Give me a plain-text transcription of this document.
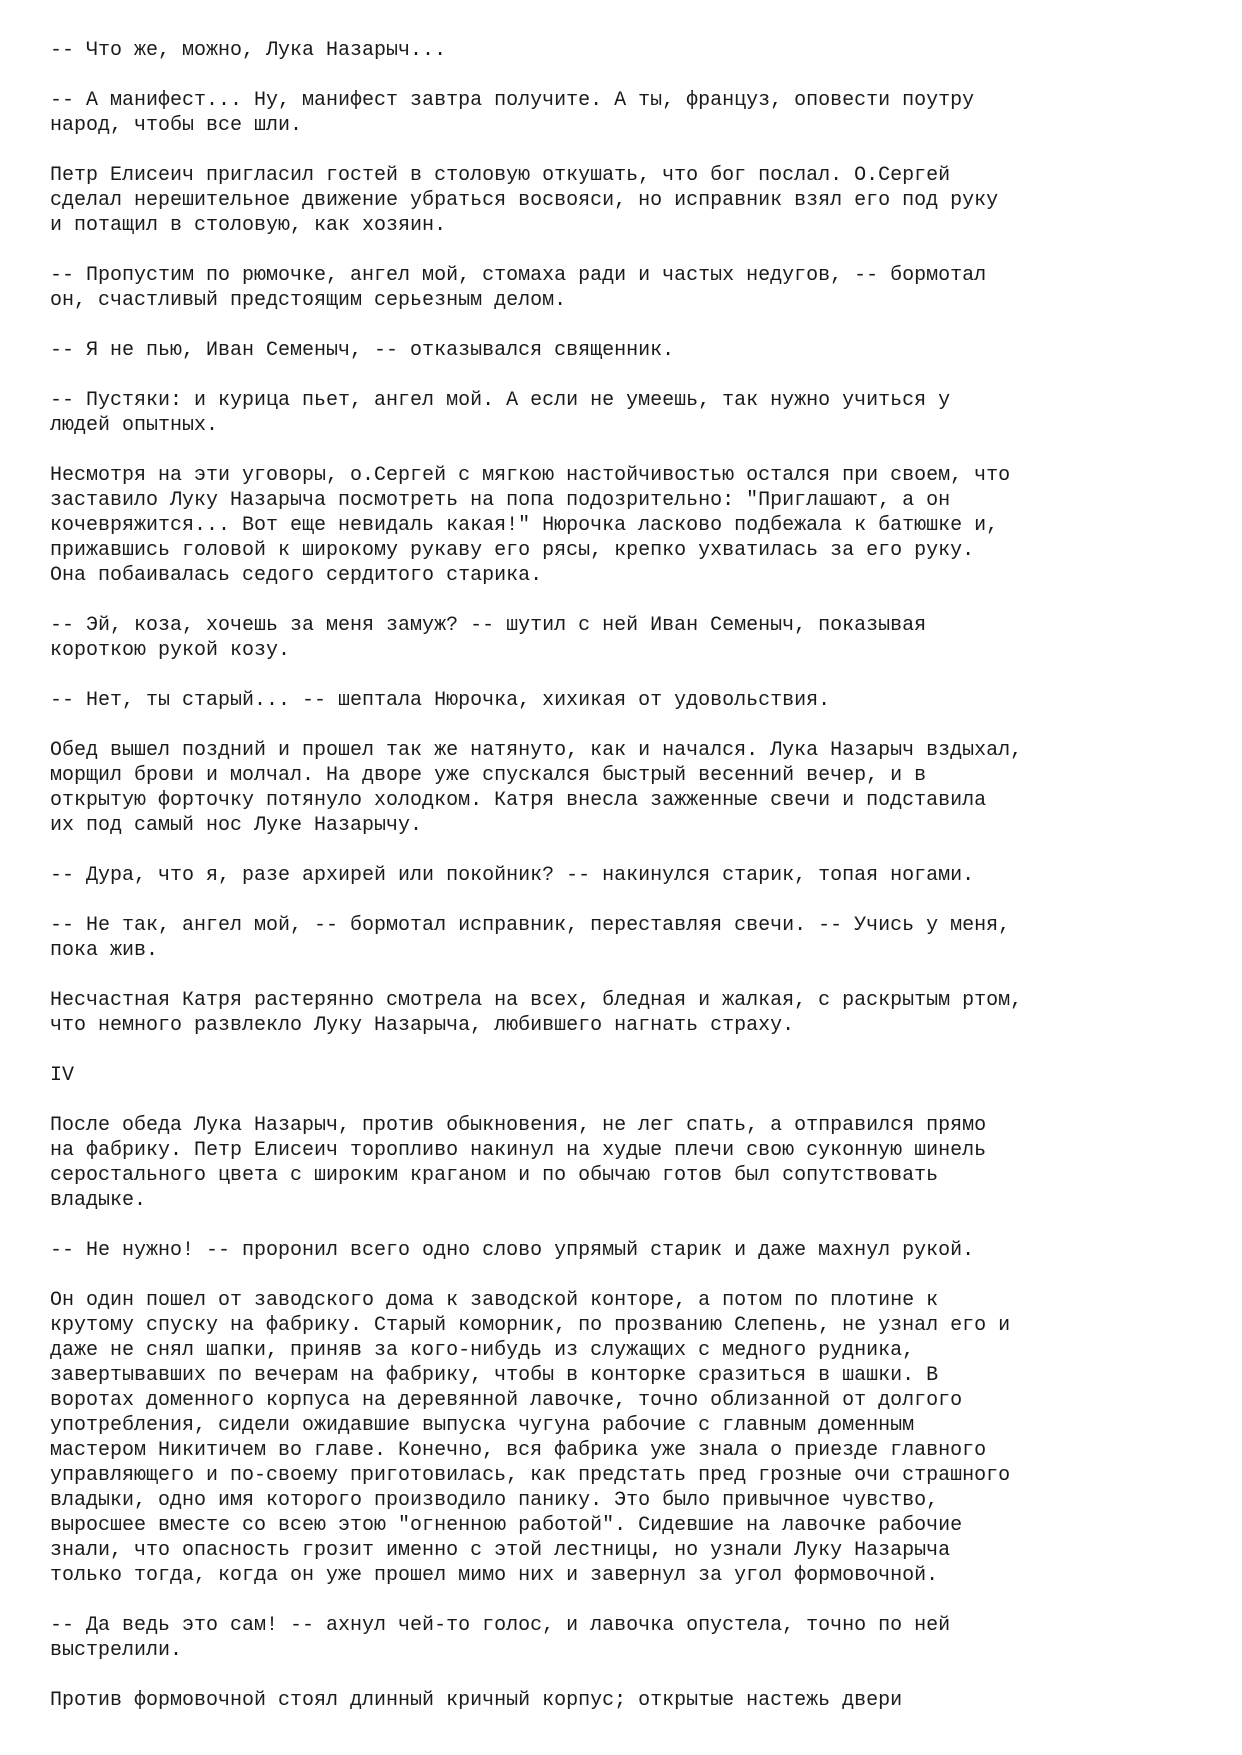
-- Что же, можно, Лука Назарыч...

-- А манифест... Ну, манифест завтра получите. А ты, француз, оповести поутру
народ, чтобы все шли.

Петр Елисеич пригласил гостей в столовую откушать, что бог послал. О.Сергей
сделал нерешительное движение убраться восвояси, но исправник взял его под руку
и потащил в столовую, как хозяин.

-- Пропустим по рюмочке, ангел мой, стомаха ради и частых недугов, -- бормотал
он, счастливый предстоящим серьезным делом.

-- Я не пью, Иван Семеныч, -- отказывался священник.

-- Пустяки: и курица пьет, ангел мой. А если не умеешь, так нужно учиться у
людей опытных.

Несмотря на эти уговоры, о.Сергей с мягкою настойчивостью остался при своем, что
заставило Луку Назарыча посмотреть на попа подозрительно: "Приглашают, а он
кочевряжится... Вот еще невидаль какая!" Нюрочка ласково подбежала к батюшке и,
прижавшись головой к широкому рукаву его рясы, крепко ухватилась за его руку.
Она побаивалась седого сердитого старика.

-- Эй, коза, хочешь за меня замуж? -- шутил с ней Иван Семеныч, показывая
короткою рукой козу.

-- Нет, ты старый... -- шептала Нюрочка, хихикая от удовольствия.

Обед вышел поздний и прошел так же натянуто, как и начался. Лука Назарыч вздыхал,
морщил брови и молчал. На дворе уже спускался быстрый весенний вечер, и в
открытую форточку потянуло холодком. Катря внесла зажженные свечи и подставила
их под самый нос Луке Назарычу.

-- Дура, что я, разе архирей или покойник? -- накинулся старик, топая ногами.

-- Не так, ангел мой, -- бормотал исправник, переставляя свечи. -- Учись у меня,
пока жив.

Несчастная Катря растерянно смотрела на всех, бледная и жалкая, с раскрытым ртом,
что немного развлекло Луку Назарыча, любившего нагнать страху.

IV

После обеда Лука Назарыч, против обыкновения, не лег спать, а отправился прямо
на фабрику. Петр Елисеич торопливо накинул на худые плечи свою суконную шинель
серостального цвета с широким краганом и по обычаю готов был сопутствовать
владыке.

-- Не нужно! -- проронил всего одно слово упрямый старик и даже махнул рукой.

Он один пошел от заводского дома к заводской конторе, а потом по плотине к
крутому спуску на фабрику. Старый коморник, по прозванию Слепень, не узнал его и
даже не снял шапки, приняв за кого-нибудь из служащих с медного рудника,
завертывавших по вечерам на фабрику, чтобы в конторке сразиться в шашки. В
воротах доменного корпуса на деревянной лавочке, точно облизанной от долгого
употребления, сидели ожидавшие выпуска чугуна рабочие с главным доменным
мастером Никитичем во главе. Конечно, вся фабрика уже знала о приезде главного
управляющего и по-своему приготовилась, как предстать пред грозные очи страшного
владыки, одно имя которого производило панику. Это было привычное чувство,
выросшее вместе со всею этою "огненною работой". Сидевшие на лавочке рабочие
знали, что опасность грозит именно с этой лестницы, но узнали Луку Назарыча
только тогда, когда он уже прошел мимо них и завернул за угол формовочной.

-- Да ведь это сам! -- ахнул чей-то голос, и лавочка опустела, точно по ней
выстрелили.

Против формовочной стоял длинный кричный корпус; открытые настежь двери
